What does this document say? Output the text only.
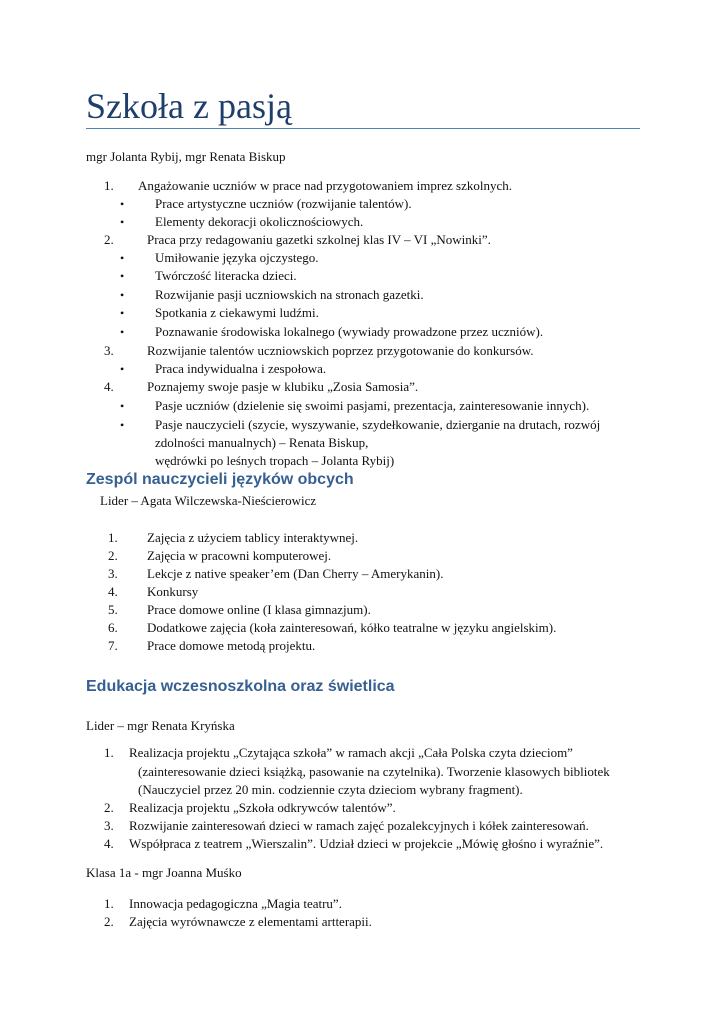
Szkoła z pasją
mgr Jolanta Rybij, mgr Renata Biskup
1. Angażowanie uczniów w prace nad przygotowaniem imprez szkolnych.
• Prace artystyczne uczniów (rozwijanie talentów).
• Elementy dekoracji okolicznościowych.
2.	Praca przy redagowaniu gazetki szkolnej klas IV – VI „Nowinki”.
• Umiłowanie języka ojczystego.
• Twórczość literacka dzieci.
• Rozwijanie pasji uczniowskich na stronach gazetki.
• Spotkania z ciekawymi ludźmi.
• Poznawanie środowiska lokalnego (wywiady prowadzone przez uczniów).
3.	Rozwijanie talentów uczniowskich poprzez przygotowanie do konkursów.
• Praca indywidualna i zespołowa.
4.	Poznajemy swoje pasje w klubiku „Zosia Samosia”.
• Pasje uczniów (dzielenie się swoimi pasjami, prezentacja, zainteresowanie innych).
• Pasje nauczycieli (szycie, wyszywanie, szydełkowanie, dzierganie na drutach, rozwój
zdolności manualnych) – Renata Biskup,
wędrówki po leśnych tropach – Jolanta Rybij)
Zespól nauczycieli języków obcych
Lider – Agata Wilczewska-Nieścierowicz
1. Zajęcia z użyciem tablicy interaktywnej.
2. Zajęcia w pracowni komputerowej.
3. Lekcje z native speaker’em (Dan Cherry – Amerykanin).
4. Konkursy
5. Prace domowe online (I klasa gimnazjum).
6. Dodatkowe zajęcia (koła zainteresowań, kółko teatralne w języku angielskim).
7. Prace domowe metodą projektu.
Edukacja wczesnoszkolna oraz świetlica
Lider – mgr Renata Kryńska
1. Realizacja projektu „Czytająca szkoła” w ramach akcji „Cała Polska czyta dzieciom”
(zainteresowanie dzieci książką, pasowanie na czytelnika). Tworzenie klasowych bibliotek
(Nauczyciel przez 20 min. codziennie czyta dzieciom wybrany fragment).
2. Realizacja projektu „Szkoła odkrywców talentów”.
3. Rozwijanie zainteresowań dzieci w ramach zajęć pozalekcyjnych i kółek zainteresowań.
4. Współpraca z teatrem „Wierszalin”. Udział dzieci w projekcie „Mówię głośno i wyraźnie”.
Klasa 1a - mgr Joanna Muśko
1. Innowacja pedagogiczna „Magia teatru”.
2. Zajęcia wyrównawcze z elementami artterapii.
